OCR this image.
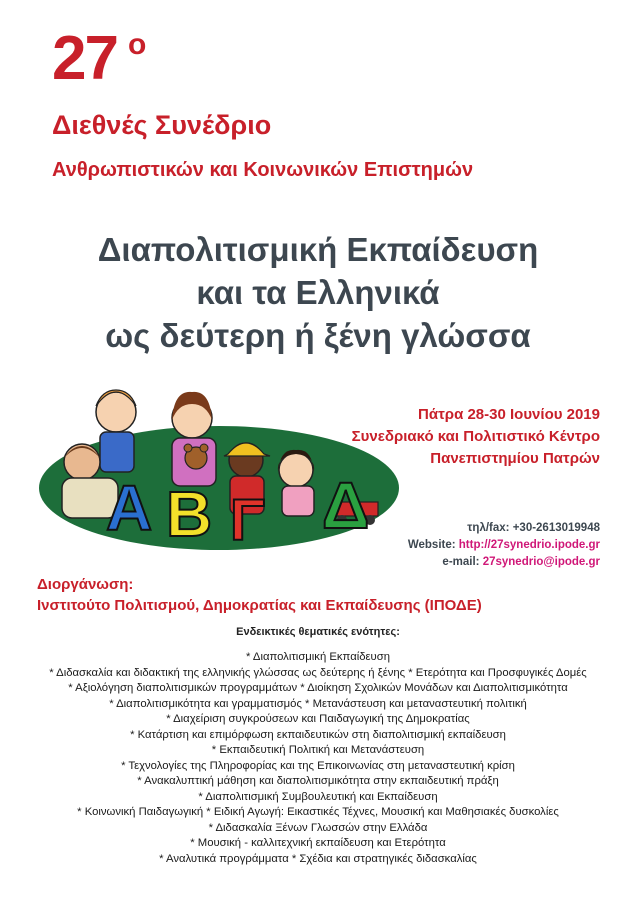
27 o
Διεθνές Συνέδριο
Ανθρωπιστικών και Κοινωνικών Επιστημών
Διαπολιτισμική Εκπαίδευση
και τα Ελληνικά
ως δεύτερη ή ξένη γλώσσα
Α Β Γ Δ
Πάτρα 28-30 Ιουνίου 2019
Συνεδριακό και Πολιτιστικό Κέντρο
Πανεπιστημίου Πατρών
τηλ/fax: +30-2613019948
Website: http://27synedrio.ipode.gr
e-mail: 27synedrio@ipode.gr
Διοργάνωση:
Ινστιτούτο Πολιτισμού, Δημοκρατίας και Εκπαίδευσης (ΙΠΟΔΕ)
Ενδεικτικές θεματικές ενότητες:
* Διαπολιτισμική Εκπαίδευση
* Διδασκαλία και διδακτική της ελληνικής γλώσσας ως δεύτερης ή ξένης * Ετερότητα και Προσφυγικές Δομές
* Αξιολόγηση διαπολιτισμικών προγραμμάτων * Διοίκηση Σχολικών Μονάδων και Διαπολιτισμικότητα
* Διαπολιτισμικότητα και γραμματισμός * Μετανάστευση και μεταναστευτική πολιτική
* Διαχείριση συγκρούσεων και Παιδαγωγική της Δημοκρατίας
* Κατάρτιση και επιμόρφωση εκπαιδευτικών στη διαπολιτισμική εκπαίδευση
* Εκπαιδευτική Πολιτική και Μετανάστευση
* Τεχνολογίες της Πληροφορίας και της Επικοινωνίας στη μεταναστευτική κρίση
* Ανακαλυπτική μάθηση και διαπολιτισμικότητα στην εκπαιδευτική πράξη
* Διαπολιτισμική Συμβουλευτική και Εκπαίδευση
* Κοινωνική Παιδαγωγική * Ειδική Αγωγή: Εικαστικές Τέχνες, Μουσική και Μαθησιακές δυσκολίες
* Διδασκαλία Ξένων Γλωσσών στην Ελλάδα
* Μουσική - καλλιτεχνική εκπαίδευση και Ετερότητα
* Αναλυτικά προγράμματα * Σχέδια και στρατηγικές διδασκαλίας
